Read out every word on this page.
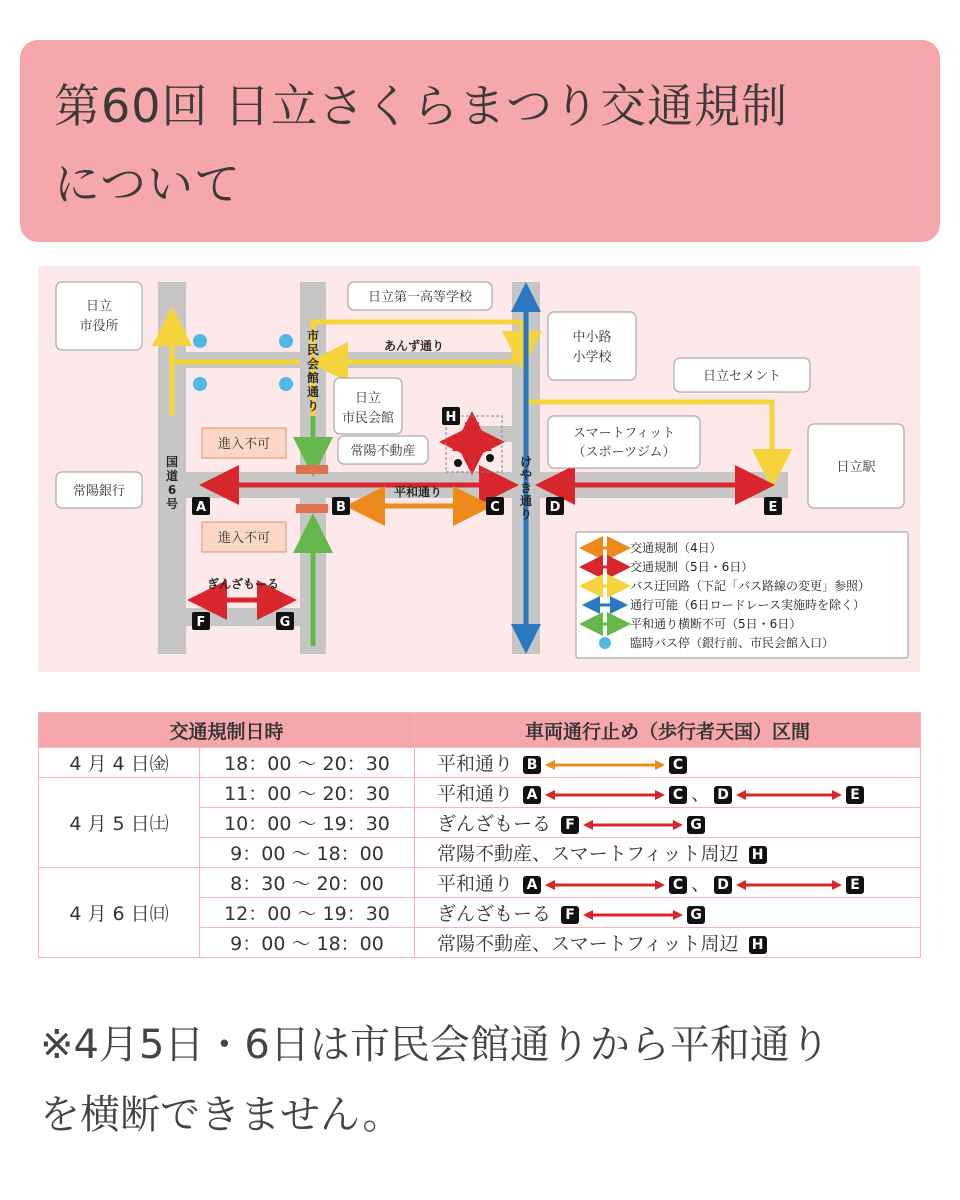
第60回 日立さくらまつり交通規制
について
日立
市役所
常陽銀行
日立
市民会館
日立第一高等学校
中小路
小学校
日立セメント
日立駅
常陽不動産
スマートフィット
（スポーツジム）
進入不可
進入不可
あんず通り
平和通り
ぎんざもーる
国
道
6
号
市
民
会
館
通
り
け
や
き
通
り
A	B	C	D	E
F	G
H
交通規制（4日）
交通規制（5日・6日）
バス迂回路（下記「バス路線の変更」参照）
通行可能（6日ロードレース実施時を除く）
平和通り横断不可（5日・6日）
臨時バス停（銀行前、市民会館入口）
交通規制日時		車両通行止め（歩行者天国）区間
4 月 4 日㈮	18：00 〜 20：30	平和通り B C
4 月 5 日㈯	11：00 〜 20：30	平和通り A C 、 D E
	10：00 〜 19：30	ぎんざもーる F G
	9：00 〜 18：00	常陽不動産、スマートフィット周辺 H
4 月 6 日㈰	8：30 〜 20：00	平和通り A C 、 D E
	12：00 〜 19：30	ぎんざもーる F G
	9：00 〜 18：00	常陽不動産、スマートフィット周辺 H
※4月5日・6日は市民会館通りから平和通り
を横断できません。
